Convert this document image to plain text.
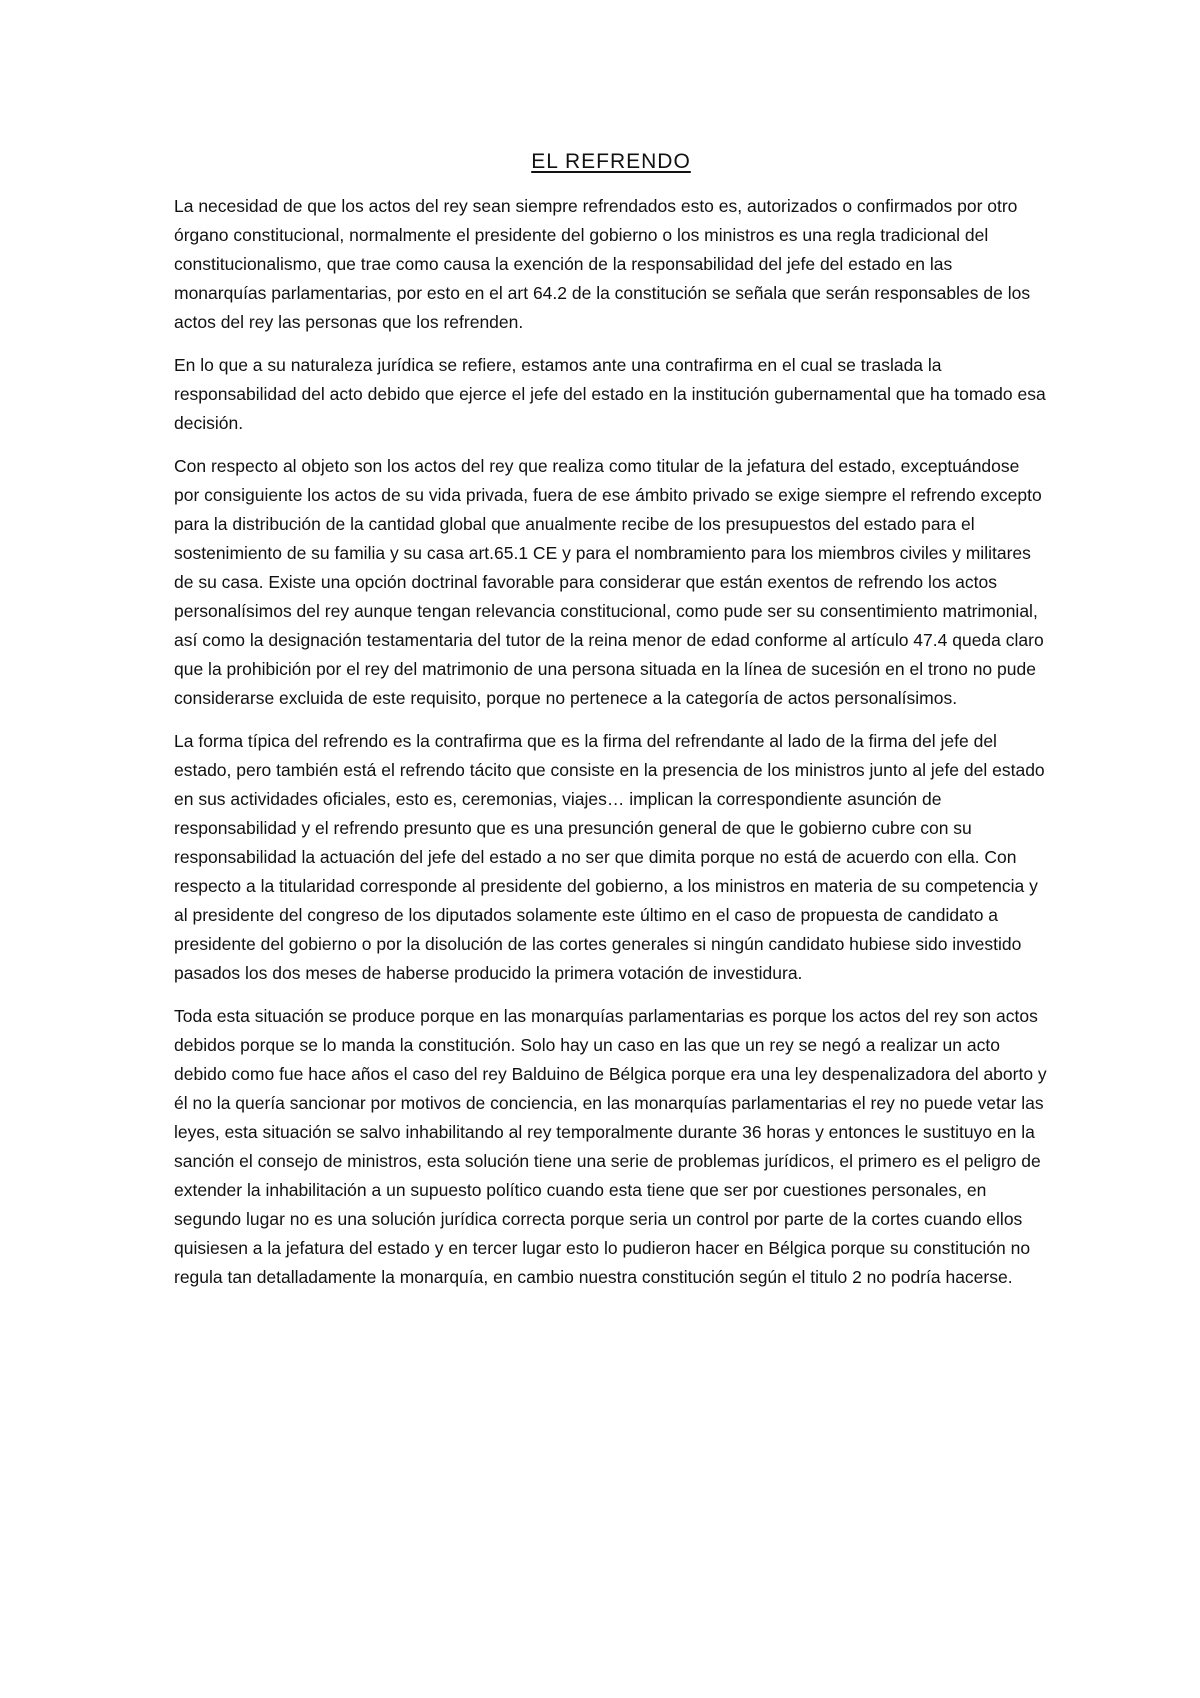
EL REFRENDO

La necesidad de que los actos del rey sean siempre refrendados esto es, autorizados o confirmados por otro órgano constitucional, normalmente el presidente del gobierno o los ministros es una regla tradicional del constitucionalismo, que trae como causa la exención de la responsabilidad del jefe del estado en las monarquías parlamentarias, por esto en el art 64.2 de la constitución se señala que serán responsables de los actos del rey las personas que los refrenden.

En lo que a su naturaleza jurídica se refiere, estamos ante una contrafirma en el cual se traslada la responsabilidad del acto debido que ejerce el jefe del estado en la institución gubernamental que ha tomado esa decisión.

Con respecto al objeto son los actos del rey que realiza como titular de la jefatura del estado, exceptuándose por consiguiente los actos de su vida privada, fuera de ese ámbito privado se exige siempre el refrendo excepto para la distribución de la cantidad global que anualmente recibe de los presupuestos del estado para el sostenimiento de su familia y su casa art.65.1 CE y para el nombramiento para los miembros civiles y militares de su casa. Existe una opción doctrinal favorable para considerar que están exentos de refrendo los actos personalísimos del rey aunque tengan relevancia constitucional, como pude ser su consentimiento matrimonial, así como la designación testamentaria del tutor de la reina menor de edad conforme al artículo 47.4 queda claro que la prohibición por el rey del matrimonio de una persona situada en la línea de sucesión en el trono no pude considerarse excluida de este requisito, porque no pertenece a la categoría de actos personalísimos.

La forma típica del refrendo es la contrafirma que es la firma del refrendante al lado de la firma del jefe del estado, pero también está el refrendo tácito que consiste en la presencia de los ministros junto al jefe del estado en sus actividades oficiales, esto es, ceremonias, viajes… implican la correspondiente asunción de responsabilidad y el refrendo presunto que es una presunción general de que le gobierno cubre con su responsabilidad la actuación del jefe del estado a no ser que dimita porque no está de acuerdo con ella. Con respecto a la titularidad corresponde al presidente del gobierno, a los ministros en materia de su competencia y al presidente del congreso de los diputados solamente este último en el caso de propuesta de candidato a presidente del gobierno o por la disolución de las cortes generales si ningún candidato hubiese sido investido pasados los dos meses de haberse producido la primera votación de investidura.

Toda esta situación se produce porque en las monarquías parlamentarias es porque los actos del rey son actos debidos porque se lo manda la constitución. Solo hay un caso en las que un rey se negó a realizar un acto debido como fue hace años el caso del rey Balduino de Bélgica porque era una ley despenalizadora del aborto y él no la quería sancionar por motivos de conciencia, en las monarquías parlamentarias el rey no puede vetar las leyes, esta situación se salvo inhabilitando al rey temporalmente durante 36 horas y entonces le sustituyo en la sanción el consejo de ministros, esta solución tiene una serie de problemas jurídicos, el primero es el peligro de extender la inhabilitación a un supuesto político cuando esta tiene que ser por cuestiones personales, en segundo lugar no es una solución jurídica correcta porque seria un control por parte de la cortes cuando ellos quisiesen a la jefatura del estado y en tercer lugar esto lo pudieron hacer en Bélgica porque su constitución no regula tan detalladamente la monarquía, en cambio nuestra constitución según el titulo 2 no podría hacerse.
